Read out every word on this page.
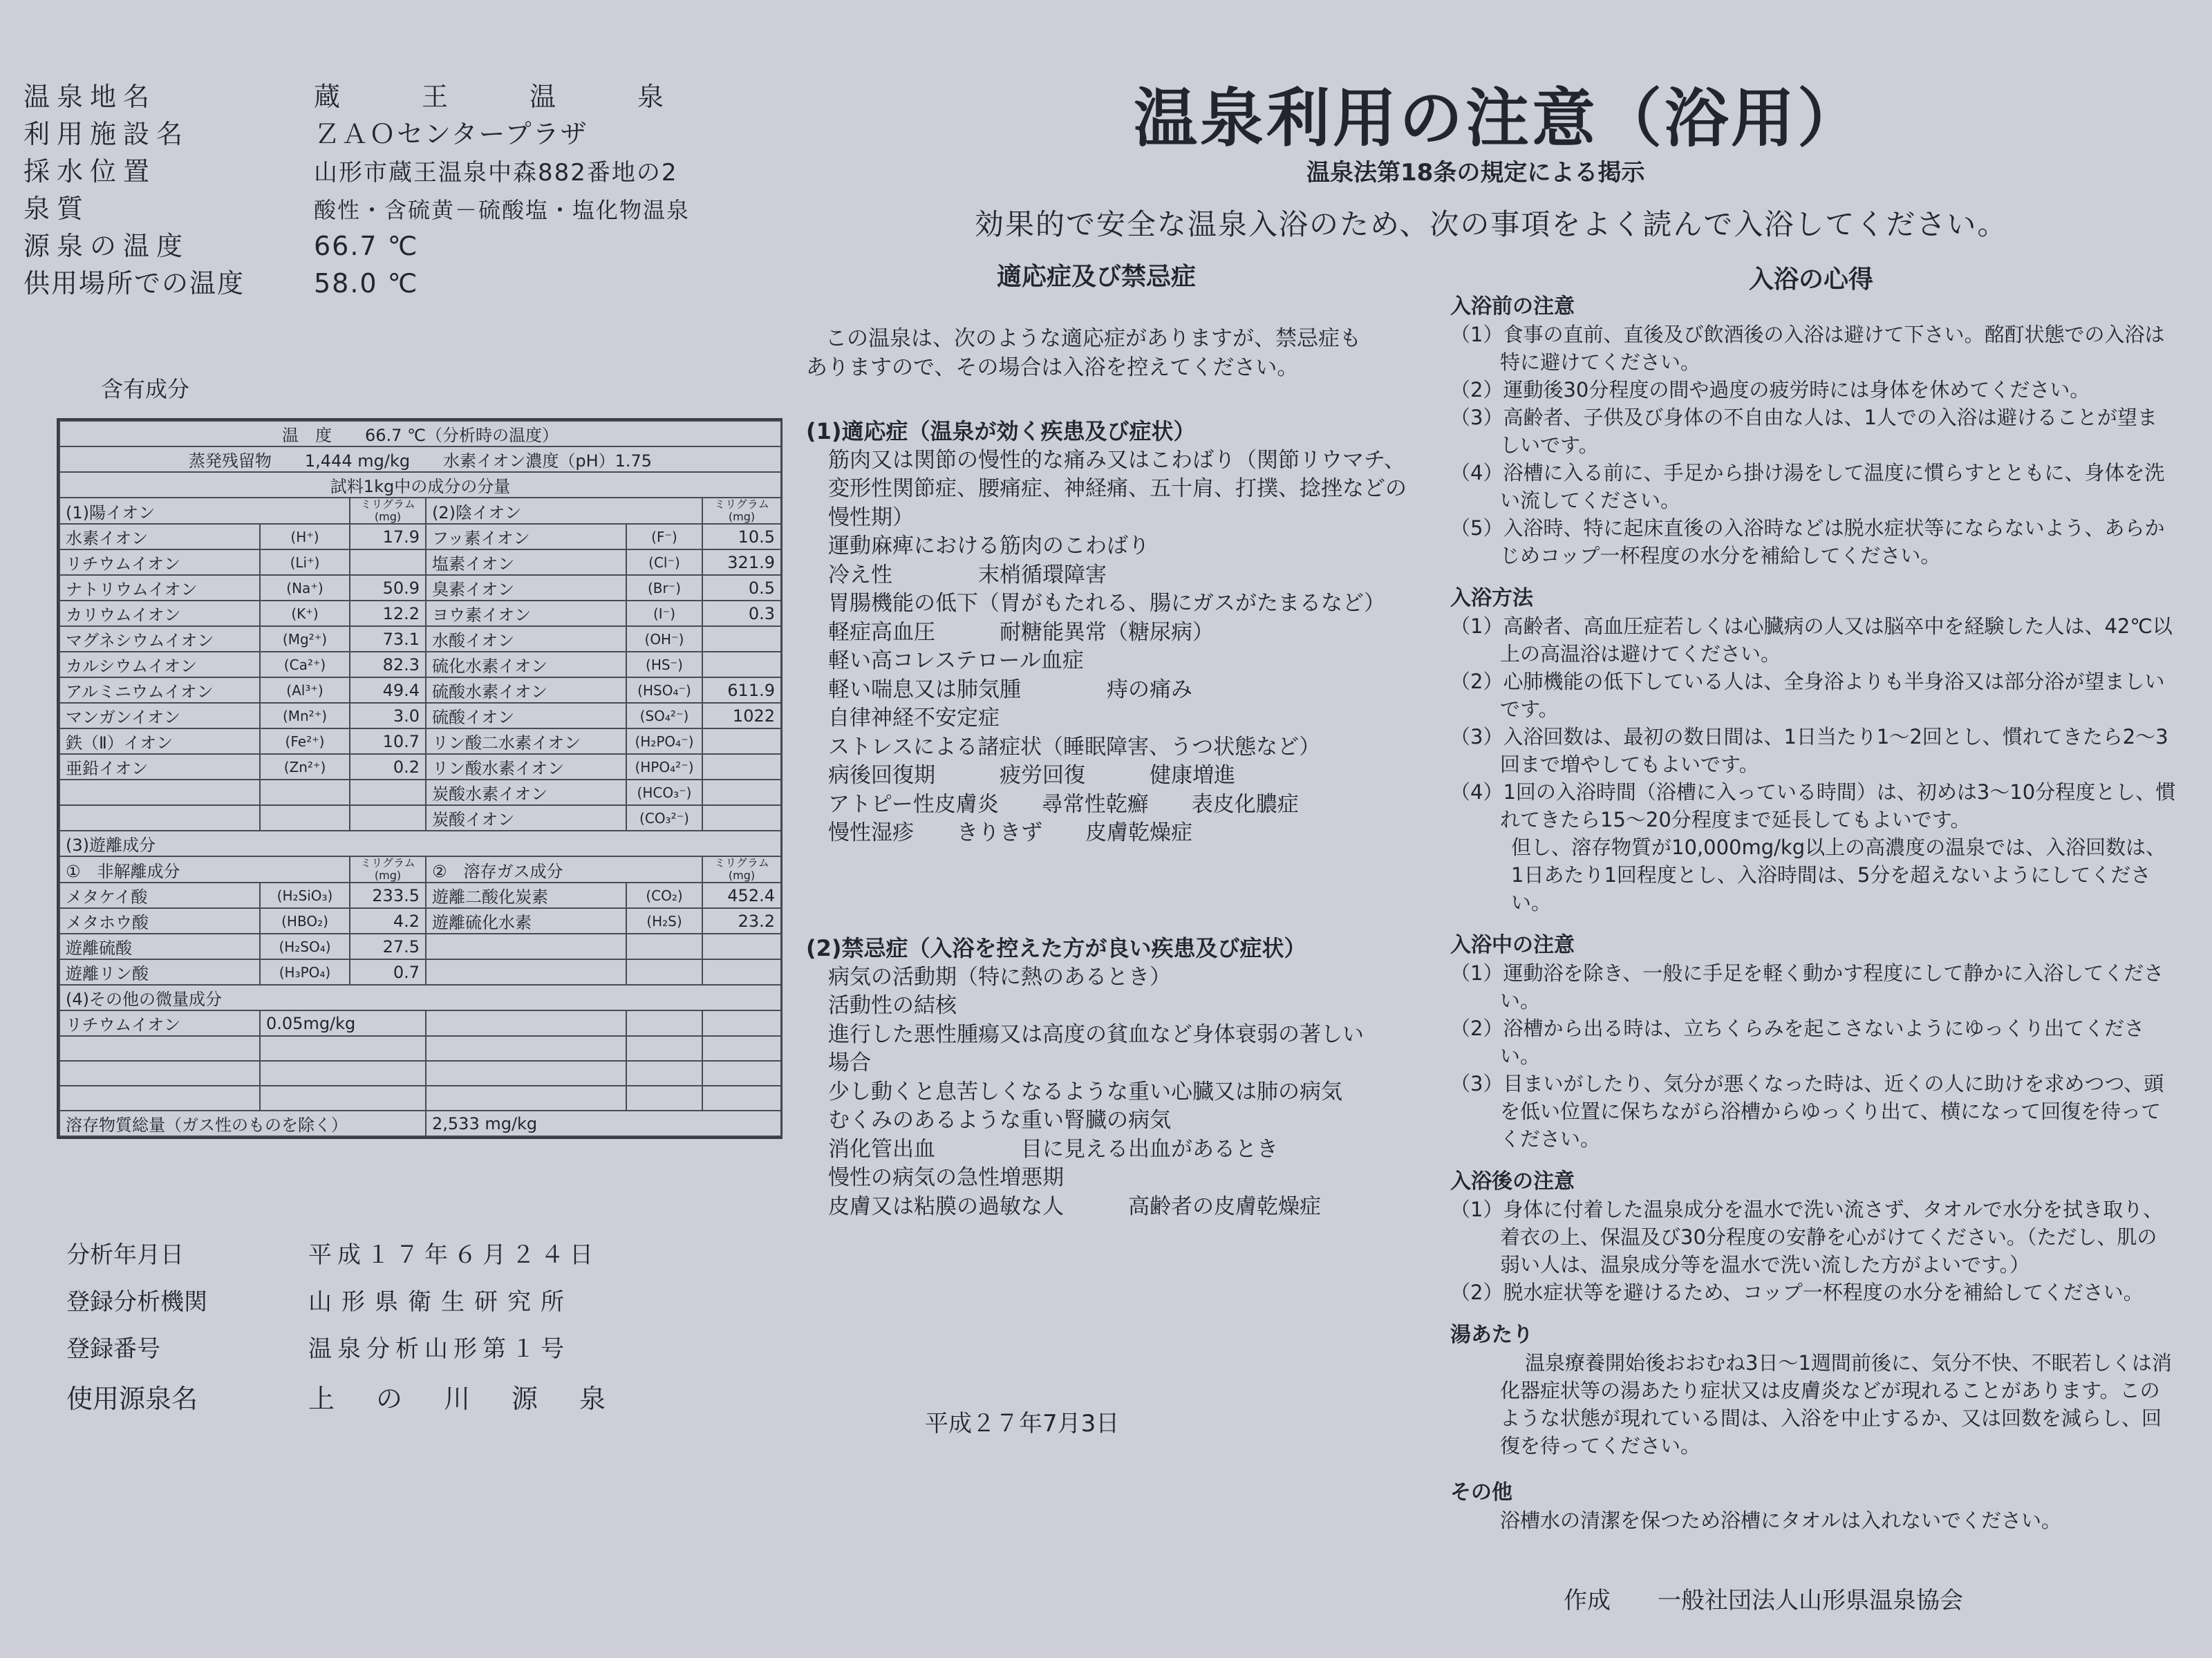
温泉地名	蔵　王　温　泉
利用施設名	ＺＡＯセンタープラザ
採水位置	山形市蔵王温泉中森882番地の2
泉質	酸性・含硫黄－硫酸塩・塩化物温泉
源泉の温度	66.7 ℃
供用場所での温度	58.0 ℃
含有成分
温　度　　66.7 ℃（分析時の温度）					
蒸発残留物　　1,444 mg/kg　　水素イオン濃度（pH）1.75					
試料1kg中の成分の分量					
(1)陽イオン		ミリグラム (mg)	(2)陰イオン		ミリグラム (mg)
水素イオン	(H⁺)	17.9	フッ素イオン	(F⁻)	10.5
リチウムイオン	(Li⁺)		塩素イオン	(Cl⁻)	321.9
ナトリウムイオン	(Na⁺)	50.9	臭素イオン	(Br⁻)	0.5
カリウムイオン	(K⁺)	12.2	ヨウ素イオン	(I⁻)	0.3
マグネシウムイオン	(Mg²⁺)	73.1	水酸イオン	(OH⁻)	
カルシウムイオン	(Ca²⁺)	82.3	硫化水素イオン	(HS⁻)	
アルミニウムイオン	(Al³⁺)	49.4	硫酸水素イオン	(HSO₄⁻)	611.9
マンガンイオン	(Mn²⁺)	3.0	硫酸イオン	(SO₄²⁻)	1022
鉄（Ⅱ）イオン	(Fe²⁺)	10.7	リン酸二水素イオン	(H₂PO₄⁻)	
亜鉛イオン	(Zn²⁺)	0.2	リン酸水素イオン	(HPO₄²⁻)	
			炭酸水素イオン	(HCO₃⁻)	
			炭酸イオン	(CO₃²⁻)	
(3)遊離成分					
①　非解離成分		ミリグラム (mg)	②　溶存ガス成分		ミリグラム (mg)
メタケイ酸	(H₂SiO₃)	233.5	遊離二酸化炭素	(CO₂)	452.4
メタホウ酸	(HBO₂)	4.2	遊離硫化水素	(H₂S)	23.2
遊離硫酸	(H₂SO₄)	27.5			
遊離リン酸	(H₃PO₄)	0.7			
(4)その他の微量成分					
リチウムイオン	0.05mg/kg				

溶存物質総量（ガス性のものを除く）			2,533 mg/kg		
分析年月日	平成１７年６月２４日
登録分析機関	山形県衛生研究所
登録番号	温泉分析山形第１号
使用源泉名	上の川源泉
温泉利用の注意（浴用）
温泉法第18条の規定による掲示
効果的で安全な温泉入浴のため、次の事項をよく読んで入浴してください。
適応症及び禁忌症

この温泉は、次のような適応症がありますが、禁忌症も

ありますので、その場合は入浴を控えてください。

(1)適応症（温泉が効く疾患及び症状）

筋肉又は関節の慢性的な痛み又はこわばり（関節リウマチ、

変形性関節症、腰痛症、神経痛、五十肩、打撲、捻挫などの

慢性期）

運動麻痺における筋肉のこわばり

冷え性　　　　末梢循環障害

胃腸機能の低下（胃がもたれる、腸にガスがたまるなど）

軽症高血圧　　　耐糖能異常（糖尿病）

軽い高コレステロール血症

軽い喘息又は肺気腫　　　　痔の痛み

自律神経不安定症

ストレスによる諸症状（睡眠障害、うつ状態など）

病後回復期　　　疲労回復　　　健康増進

アトピー性皮膚炎　　尋常性乾癬　　表皮化膿症

慢性湿疹　　きりきず　　皮膚乾燥症

(2)禁忌症（入浴を控えた方が良い疾患及び症状）

病気の活動期（特に熱のあるとき）

活動性の結核

進行した悪性腫瘍又は高度の貧血など身体衰弱の著しい

場合

少し動くと息苦しくなるような重い心臓又は肺の病気

むくみのあるような重い腎臓の病気

消化管出血　　　　目に見える出血があるとき

慢性の病気の急性増悪期

皮膚又は粘膜の過敏な人　　　高齢者の皮膚乾燥症

平成２７年7月3日
入浴の心得

入浴前の注意

（1）食事の直前、直後及び飲酒後の入浴は避けて下さい。酩酊状態での入浴は特に避けてください。

（2）運動後30分程度の間や過度の疲労時には身体を休めてください。

（3）高齢者、子供及び身体の不自由な人は、1人での入浴は避けることが望ましいです。

（4）浴槽に入る前に、手足から掛け湯をして温度に慣らすとともに、身体を洗い流してください。

（5）入浴時、特に起床直後の入浴時などは脱水症状等にならないよう、あらかじめコップ一杯程度の水分を補給してください。

入浴方法

（1）高齢者、高血圧症若しくは心臓病の人又は脳卒中を経験した人は、42℃以上の高温浴は避けてください。

（2）心肺機能の低下している人は、全身浴よりも半身浴又は部分浴が望ましいです。

（3）入浴回数は、最初の数日間は、1日当たり1～2回とし、慣れてきたら2～3回まで増やしてもよいです。

（4）1回の入浴時間（浴槽に入っている時間）は、初めは3～10分程度とし、慣れてきたら15～20分程度まで延長してもよいです。

但し、溶存物質が10,000mg/kg以上の高濃度の温泉では、入浴回数は、1日あたり1回程度とし、入浴時間は、5分を超えないようにしてください。

入浴中の注意

（1）運動浴を除き、一般に手足を軽く動かす程度にして静かに入浴してください。

（2）浴槽から出る時は、立ちくらみを起こさないようにゆっくり出てください。

（3）目まいがしたり、気分が悪くなった時は、近くの人に助けを求めつつ、頭を低い位置に保ちながら浴槽からゆっくり出て、横になって回復を待ってください。

入浴後の注意

（1）身体に付着した温泉成分を温水で洗い流さず、タオルで水分を拭き取り、着衣の上、保温及び30分程度の安静を心がけてください。（ただし、肌の弱い人は、温泉成分等を温水で洗い流した方がよいです。）

（2）脱水症状等を避けるため、コップ一杯程度の水分を補給してください。

湯あたり

温泉療養開始後おおむね3日～1週間前後に、気分不快、不眠若しくは消化器症状等の湯あたり症状又は皮膚炎などが現れることがあります。このような状態が現れている間は、入浴を中止するか、又は回数を減らし、回復を待ってください。

その他

浴槽水の清潔を保つため浴槽にタオルは入れないでください。

作成　　一般社団法人山形県温泉協会
